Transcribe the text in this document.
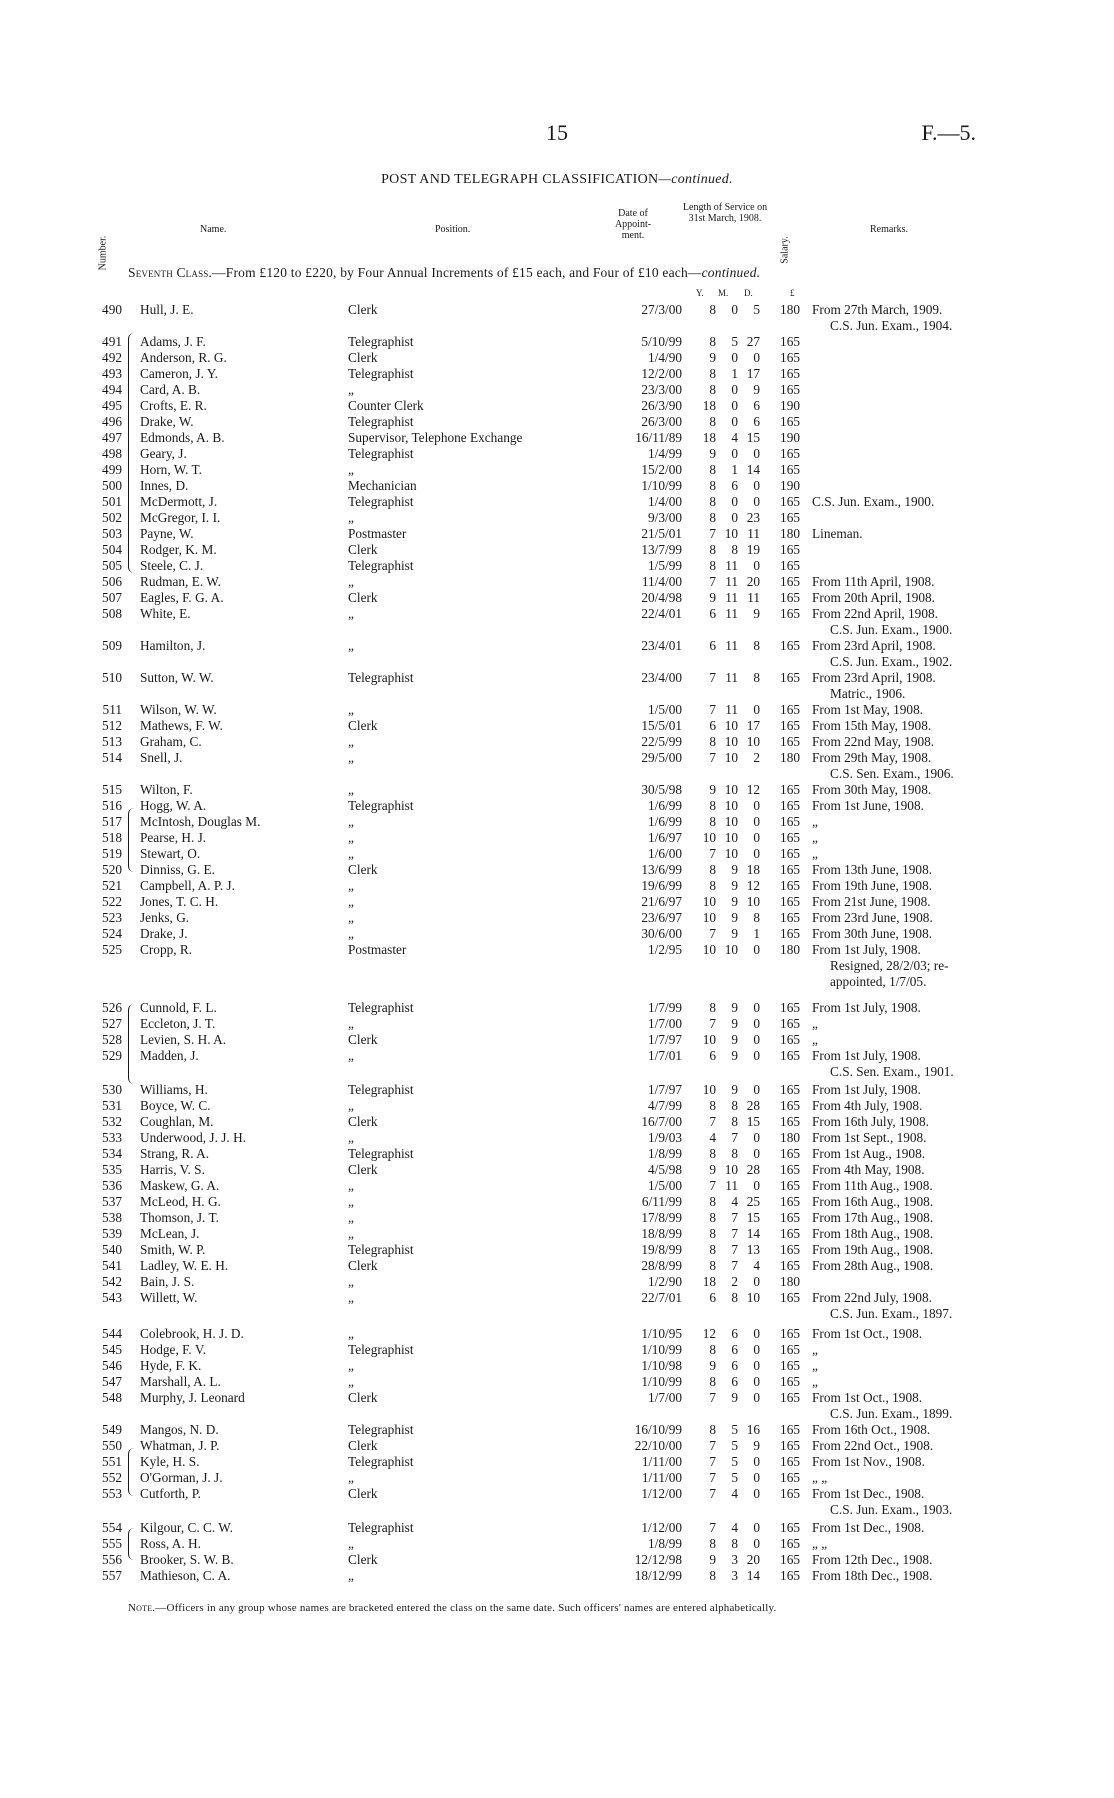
15	F.—5.
POST AND TELEGRAPH CLASSIFICATION—continued.
Number.
Name.	Position.
Date of Appoint- ment.
Length of Service on 31st March, 1908.
Salary.
Remarks.
Seventh Class.—From £120 to £220, by Four Annual Increments of £15 each, and Four of £10 each—continued.
Y. M. D.	£
490 Hull, J. E.	Clerk	27/3/00	8	0	5	180 From 27th March, 1909.
C.S. Jun. Exam., 1904.
491 Adams, J. F.	Telegraphist	5/10/99	8	5 27	165
492 Anderson, R. G.	Clerk	1/4/90	9	0	0	165
493 Cameron, J. Y.	Telegraphist	12/2/00	8	1 17	165
494 Card, A. B.	„	23/3/00	8	0	9	165
495 Crofts, E. R.	Counter Clerk	26/3/90	18	0	6	190
496 Drake, W.	Telegraphist	26/3/00	8	0	6	165
497 Edmonds, A. B.	Supervisor, Telephone Exchange	16/11/89	18	4 15	190
498 Geary, J.	Telegraphist	1/4/99	9	0	0	165
499 Horn, W. T.	„	15/2/00	8	1 14	165
500 Innes, D.	Mechanician	1/10/99	8	6	0	190
501 McDermott, J.	Telegraphist	1/4/00	8	0	0	165 C.S. Jun. Exam., 1900.
502 McGregor, I. I.	„	9/3/00	8	0 23	165
503 Payne, W.	Postmaster	21/5/01	7 10 11	180 Lineman.
504 Rodger, K. M.	Clerk	13/7/99	8	8 19	165
505 Steele, C. J.	Telegraphist	1/5/99	8 11	0	165
506 Rudman, E. W.	„	11/4/00	7 11 20	165 From 11th April, 1908.
507 Eagles, F. G. A.	Clerk	20/4/98	9 11 11	165 From 20th April, 1908.
508 White, E.	„	22/4/01	6 11	9	165 From 22nd April, 1908.
C.S. Jun. Exam., 1900.
509 Hamilton, J.	„	23/4/01	6 11	8	165 From 23rd April, 1908.
C.S. Jun. Exam., 1902.
510 Sutton, W. W.	Telegraphist	23/4/00	7 11	8	165 From 23rd April, 1908.
Matric., 1906.
511 Wilson, W. W.	„	1/5/00	7 11	0	165 From 1st May, 1908.
512 Mathews, F. W.	Clerk	15/5/01	6 10 17	165 From 15th May, 1908.
513 Graham, C.	„	22/5/99	8 10 10	165 From 22nd May, 1908.
514 Snell, J.	„	29/5/00	7 10	2	180 From 29th May, 1908.
C.S. Sen. Exam., 1906.
515 Wilton, F.	„	30/5/98	9 10 12	165 From 30th May, 1908.
516 Hogg, W. A.	Telegraphist	1/6/99	8 10	0	165 From 1st June, 1908.
517 McIntosh, Douglas M.	„	1/6/99	8 10	0	165 „
518 Pearse, H. J.	„	1/6/97	10 10	0	165 „
519 Stewart, O.	„	1/6/00	7 10	0	165 „
520 Dinniss, G. E.	Clerk	13/6/99	8	9 18	165 From 13th June, 1908.
521 Campbell, A. P. J.	„	19/6/99	8	9 12	165 From 19th June, 1908.
522 Jones, T. C. H.	„	21/6/97	10	9 10	165 From 21st June, 1908.
523 Jenks, G.	„	23/6/97	10	9	8	165 From 23rd June, 1908.
524 Drake, J.	„	30/6/00	7	9	1	165 From 30th June, 1908.
525 Cropp, R.	Postmaster	1/2/95	10 10	0	180 From 1st July, 1908.
Resigned, 28/2/03; re-
appointed, 1/7/05.
526 Cunnold, F. L.	Telegraphist	1/7/99	8	9	0	165 From 1st July, 1908.
527 Eccleton, J. T.	„	1/7/00	7	9	0	165 „
528 Levien, S. H. A.	Clerk	1/7/97	10	9	0	165 „
529 Madden, J.	„	1/7/01	6	9	0	165 From 1st July, 1908.
C.S. Sen. Exam., 1901.
530 Williams, H.	Telegraphist	1/7/97	10	9	0	165 From 1st July, 1908.
531 Boyce, W. C.	„	4/7/99	8	8 28	165 From 4th July, 1908.
532 Coughlan, M.	Clerk	16/7/00	7	8 15	165 From 16th July, 1908.
533 Underwood, J. J. H.	„	1/9/03	4	7	0	180 From 1st Sept., 1908.
534 Strang, R. A.	Telegraphist	1/8/99	8	8	0	165 From 1st Aug., 1908.
535 Harris, V. S.	Clerk	4/5/98	9 10 28	165 From 4th May, 1908.
536 Maskew, G. A.	„	1/5/00	7 11	0	165 From 11th Aug., 1908.
537 McLeod, H. G.	„	6/11/99	8	4 25	165 From 16th Aug., 1908.
538 Thomson, J. T.	„	17/8/99	8	7 15	165 From 17th Aug., 1908.
539 McLean, J.	„	18/8/99	8	7 14	165 From 18th Aug., 1908.
540 Smith, W. P.	Telegraphist	19/8/99	8	7 13	165 From 19th Aug., 1908.
541 Ladley, W. E. H.	Clerk	28/8/99	8	7	4	165 From 28th Aug., 1908.
542 Bain, J. S.	„	1/2/90	18	2	0	180
543 Willett, W.	„	22/7/01	6	8 10	165 From 22nd July, 1908.
C.S. Jun. Exam., 1897.
544 Colebrook, H. J. D.	„	1/10/95	12	6	0	165 From 1st Oct., 1908.
545 Hodge, F. V.	Telegraphist	1/10/99	8	6	0	165 „
546 Hyde, F. K.	„	1/10/98	9	6	0	165 „
547 Marshall, A. L.	„	1/10/99	8	6	0	165 „
548 Murphy, J. Leonard	Clerk	1/7/00	7	9	0	165 From 1st Oct., 1908.
C.S. Jun. Exam., 1899.
549 Mangos, N. D.	Telegraphist	16/10/99	8	5 16	165 From 16th Oct., 1908.
550 Whatman, J. P.	Clerk	22/10/00	7	5	9	165 From 22nd Oct., 1908.
551 Kyle, H. S.	Telegraphist	1/11/00	7	5	0	165 From 1st Nov., 1908.
552 O'Gorman, J. J.	„	1/11/00	7	5	0	165 „ „
553 Cutforth, P.	Clerk	1/12/00	7	4	0	165 From 1st Dec., 1908.
C.S. Jun. Exam., 1903.
554 Kilgour, C. C. W.	Telegraphist	1/12/00	7	4	0	165 From 1st Dec., 1908.
555 Ross, A. H.	„	1/8/99	8	8	0	165 „ „
556 Brooker, S. W. B.	Clerk	12/12/98	9	3 20	165 From 12th Dec., 1908.
557 Mathieson, C. A.	„	18/12/99	8	3 14	165 From 18th Dec., 1908.
Note.—Officers in any group whose names are bracketed entered the class on the same date. Such officers' names are entered alphabetically.
